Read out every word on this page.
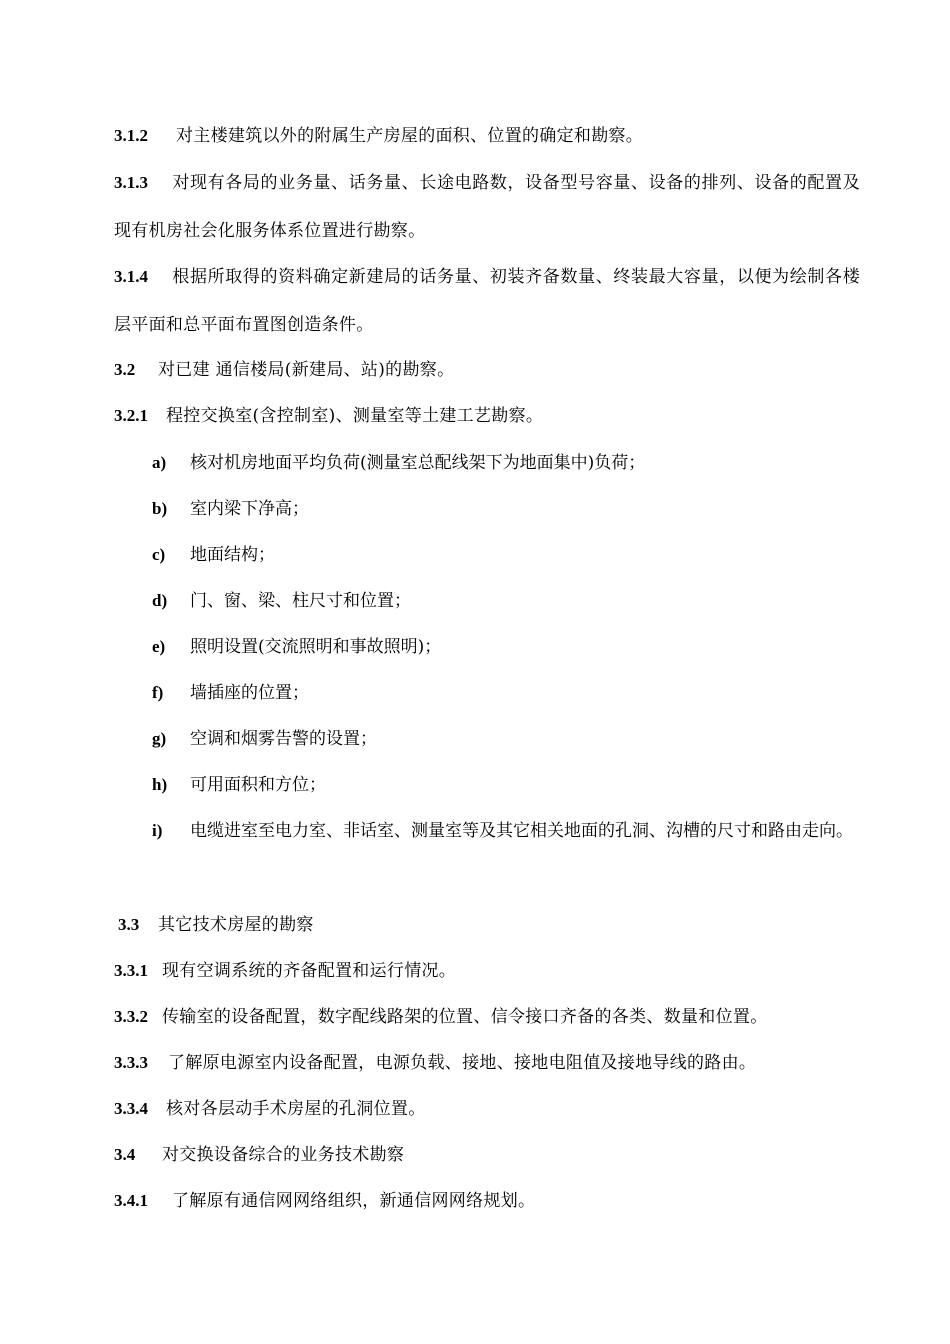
3.1.2 对主楼建筑以外的附属生产房屋的面积、位置的确定和勘察。
3.1.3 对现有各局的业务量、话务量、长途电路数，设备型号容量、设备的排列、设备的配置及现有机房社会化服务体系位置进行勘察。
3.1.4 根据所取得的资料确定新建局的话务量、初装齐备数量、终装最大容量，以便为绘制各楼层平面和总平面布置图创造条件。
3.2 对已建 通信楼局(新建局、站)的勘察。
3.2.1 程控交换室(含控制室)、测量室等土建工艺勘察。
a) 核对机房地面平均负荷(测量室总配线架下为地面集中)负荷；
b) 室内梁下净高；
c) 地面结构；
d) 门、窗、梁、柱尺寸和位置；
e) 照明设置(交流照明和事故照明)；
f) 墙插座的位置；
g) 空调和烟雾告警的设置；
h) 可用面积和方位；
i) 电缆进室至电力室、非话室、测量室等及其它相关地面的孔洞、沟槽的尺寸和路由走向。
3.3 其它技术房屋的勘察
3.3.1 现有空调系统的齐备配置和运行情况。
3.3.2 传输室的设备配置，数字配线路架的位置、信令接口齐备的各类、数量和位置。
3.3.3 了解原电源室内设备配置，电源负载、接地、接地电阻值及接地导线的路由。
3.3.4 核对各层动手术房屋的孔洞位置。
3.4 对交换设备综合的业务技术勘察
3.4.1 了解原有通信网网络组织，新通信网网络规划。
